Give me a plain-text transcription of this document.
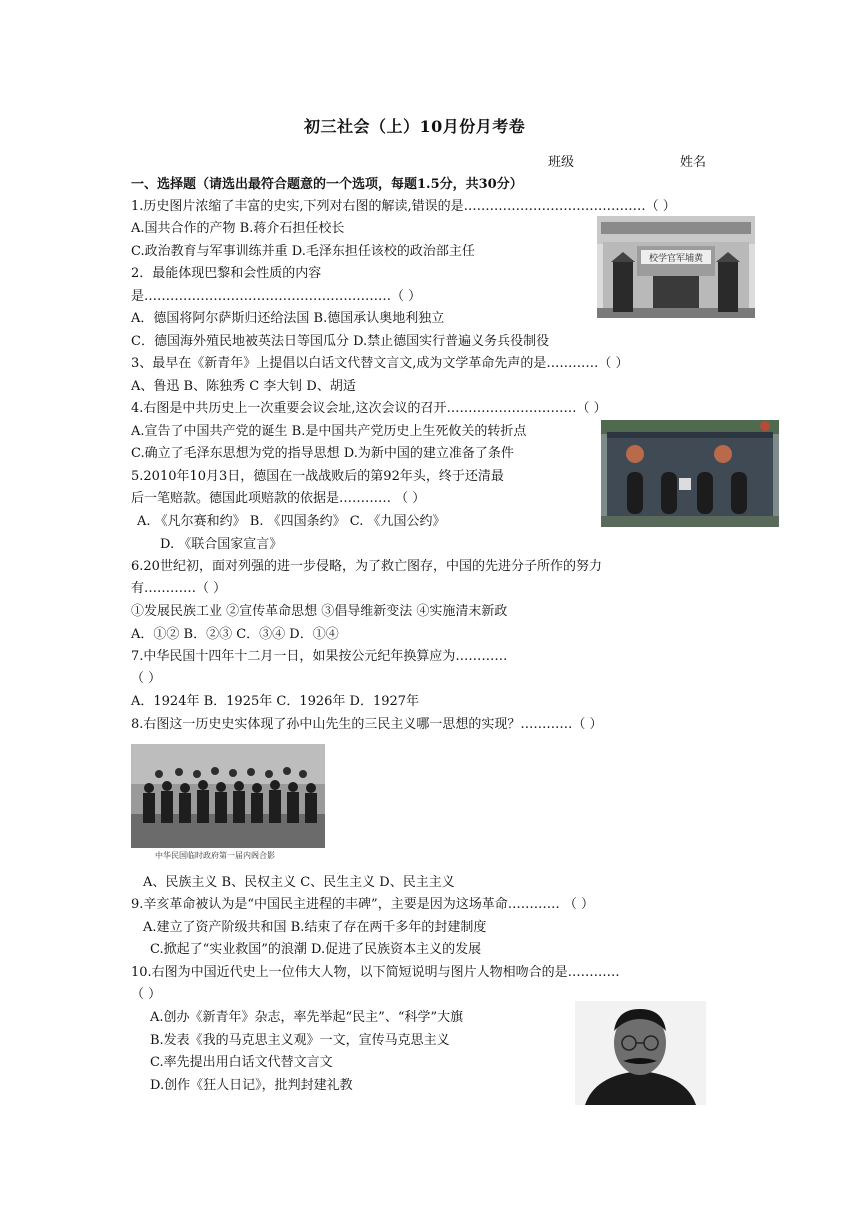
初三社会（上）10月份月考卷
班级	姓名
一、选择题（请选出最符合题意的一个选项，每题1.5分，共30分）
1.历史图片浓缩了丰富的史实,下列对右图的解读,错误的是……………………………………（ ）
A.国共合作的产物 B.蒋介石担任校长
C.政治教育与军事训练并重 D.毛泽东担任该校的政治部主任	校学官军埔黄
2．最能体现巴黎和会性质的内容
是…………………………………………………（ ）
A．德国将阿尔萨斯归还给法国 B.德国承认奥地利独立
C．德国海外殖民地被英法日等国瓜分 D.禁止德国实行普遍义务兵役制役
3、最早在《新青年》上提倡以白话文代替文言文,成为文学革命先声的是…………（ ）
A、鲁迅 B、陈独秀 C 李大钊 D、胡适
4.右图是中共历史上一次重要会议会址,这次会议的召开…………………………（ ）
A.宣告了中国共产党的诞生 B.是中国共产党历史上生死攸关的转折点
C.确立了毛泽东思想为党的指导思想 D.为新中国的建立准备了条件
5.2010年10月3日，德国在一战战败后的第92年头，终于还清最
后一笔赔款。德国此项赔款的依据是………… （ ）
A. 《凡尔赛和约》 B. 《四国条约》 C. 《九国公约》
D. 《联合国家宣言》
6.20世纪初，面对列强的进一步侵略，为了救亡图存，中国的先进分子所作的努力
有…………（ ）
①发展民族工业 ②宣传革命思想 ③倡导维新变法 ④实施清末新政
A．①② B．②③ C．③④ D．①④
7.中华民国十四年十二月一日，如果按公元纪年换算应为…………
（ ）
A．1924年 B．1925年 C．1926年 D．1927年
8.右图这一历史史实体现了孙中山先生的三民主义哪一思想的实现？…………（ ）
中华民国临时政府第一届内阁合影
A、民族主义 B、民权主义 C、民生主义 D、民主主义
9.辛亥革命被认为是“中国民主进程的丰碑”，主要是因为这场革命………… （ ）
A.建立了资产阶级共和国 B.结束了存在两千多年的封建制度
C.掀起了“实业救国”的浪潮 D.促进了民族资本主义的发展
10.右图为中国近代史上一位伟大人物，以下简短说明与图片人物相吻合的是…………
（ ）
A.创办《新青年》杂志，率先举起“民主”、“科学”大旗
B.发表《我的马克思主义观》一文，宣传马克思主义
C.率先提出用白话文代替文言文
D.创作《狂人日记》，批判封建礼教
